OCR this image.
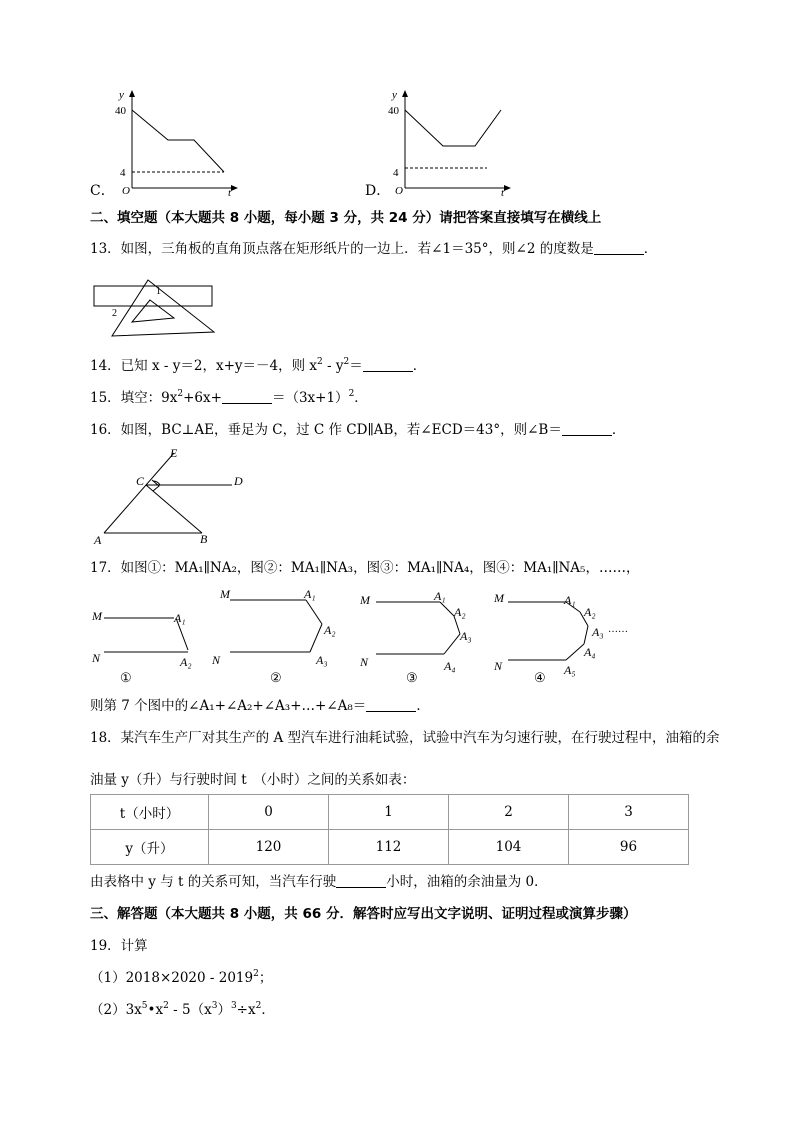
C．
y
40
4
O	t	D．
y
40
4
O	t
二、填空题（本大题共 8 小题，每小题 3 分，共 24 分）请把答案直接填写在横线上
13．如图，三角板的直角顶点落在矩形纸片的一边上．若∠1＝35°，则∠2 的度数是	．
1
2
14．已知 x - y＝2，x+y＝－4，则 $x^2 - y^2=$	．
15．填空：$9x^2+6x+$	$=(3x+1)^2$．
16．如图，BC⊥AE，垂足为 C，过 C 作 CD∥AB，若∠ECD＝43°，则∠B＝	．
E
C	D
A	B
17．如图①：MA₁∥NA₂，图②：MA₁∥NA₃，图③：MA₁∥NA₄，图④：MA₁∥NA₅，……，
M
N
A₁
A₂
①
M
N
A₁
A₂
A₃
②
M
N
A₁
A₂
A₃
A₄
③
M
N
A₁
A₂
A₃ ……
A₄
A₅
④
则第 7 个图中的∠A₁+∠A₂+∠A₃+…+∠A₈＝	．
18．某汽车生产厂对其生产的 A 型汽车进行油耗试验，试验中汽车为匀速行驶，在行驶过程中，油箱的余
油量 y（升）与行驶时间 t　（小时）之间的关系如表：
t（小时）	0	1	2	3
y（升）	120	112	104	96
由表格中 y 与 t 的关系可知，当汽车行驶	小时，油箱的余油量为 0．
三、解答题（本大题共 8 小题，共 66 分．解答时应写出文字说明、证明过程或演算步骤）
19．计算
（1）2018×2020 - 2019$^2$；
$(2)3x^5•x^2 - 5(x^3)^3\div x^2$．
